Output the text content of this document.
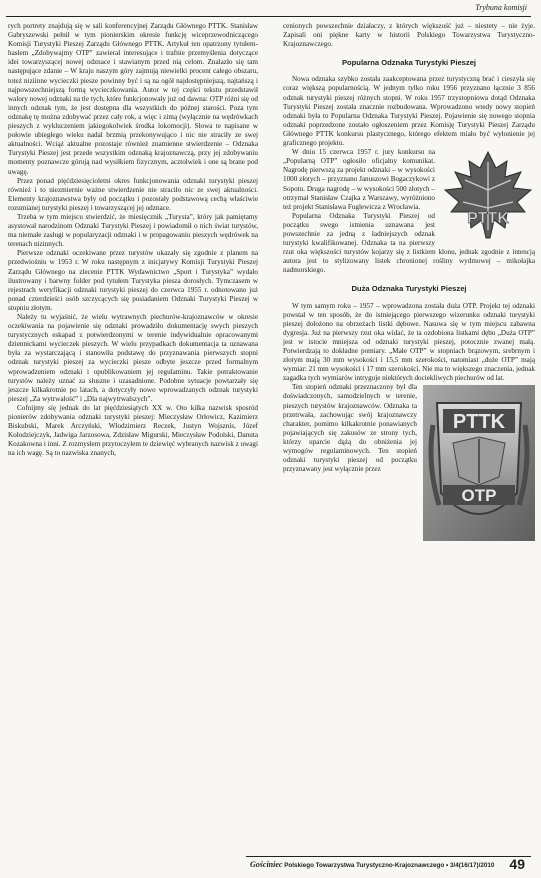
Trybuna komisji

rych portrety znajdują się w sali konferencyjnej Zarządu Głównego PTTK. Stanisław Gabryszewski pełnił w tym pionierskim okresie funkcję wiceprzewodniczącego Komisji Turystyki Pieszej Zarządu Głównego PTTK. Artykuł ten opatrzony tytułem-hasłem „Zdobywajmy OTP” zawierał interesujące i trafnie przemyślenia dotyczące idei towarzyszącej nowej odznace i stawianym przed nią celom. Znalazło się tam następujące zdanie – W kraju naszym góry zajmują niewielki procent całego obszaru, toteż niziinne wycieczki piesze powinny być i są na ogół najdostępniejszą, najtańszą i najpowszechniejszą formą wycieczkowania. Autor w tej części tekstu przedstawił walory nowej odznaki na tle tych, które funkcjonowały już od dawna: OTP różni się od innych odznak tym, że jest dostępna dla wszystkich do późnej starości. Poza tym odznakę tę można zdobywać przez cały rok, a więc i zimą (wyłącznie na wędrówkach pieszych z wykluczeniem jakiegokolwiek środka lokomocji). Słowa te napisane w połowie ubiegłego wieku nadal brzmią przekonywująco i nic nie straciły ze swej aktualności. Wciąż aktualne pozostaje również znamienne stwierdzenie – Odznaka Turystyki Pieszej jest przede wszystkim odznaką krajoznawczą, przy jej zdobywaniu momenty poznawcze górują nad wysiłkiem fizycznym, acztolwiek i one są brane pod uwagę.

Przez ponad pięćdziesięcioletni okres funkcjonowania odznaki turystyki pieszej również i to niezmiernie ważne stwierdzenie nie straciło nic ze swej aktualności. Elementy krajoznawstwa były od początku i pozostały podstawową cechą właściwie rozumianej turystyki pieszej i towarzyszącej jej odznace.

Trzeba w tym miejscu stwierdzić, że miesięcznik „Turysta”, który jak pamiętamy asystował narodzinom Odznaki Turystyki Pieszej i powiadomił o nich świat turystów, ma niemałe zasługi w popularyzacji odznaki i w propagowaniu pieszych wędrówek na terenach nizinnych.

Pierwsze odznaki oczekiwane przez turystów ukazały się zgodnie z planem na przedwiośniu w 1953 r. W roku następnym z inicjatywy Komisji Turystyki Pieszej Zarządu Głównego na zlecenie PTTK Wydawnictwo „Sport i Turystyka” wydało ilustrowany i barwny folder pod tytułem Turystyka piesza dorosłych. Tymczasem w rejestrach weryfikacji odznaki turystyki pieszej do czerwca 1955 r. odnotowano już ponad czterdzieści osób szczycących się posiadaniem Odznaki Turystyki Pieszej w stopniu złotym.

Należy tu wyjaśnić, że wielu wytrawnych piechurów-krajoznawców w okresie oczekiwania na pojawienie się odznaki prowadziło dokumentację swych pieszych turystycznych eskapad z potwierdzonymi w terenie indywidualnie opracowanymi dziennickami wycieczek pieszych. W wielu przypadkach dokumentacja ta uznawana była za wystarczającą i stanowiła podstawę do przyznawania pierwszych stopni odznak turystyki pieszej za wycieczki piesze odbyte jeszcze przed formalnym wprowadzeniem odznaki i opublikowaniem jej regulaminu. Takie potraktowanie turystów należy uznać za słuszne i uzasadnione. Podobne sytuacje powtarzały się jeszcze kilkakrotnie po latach, a dotyczyły nowo wprowadzanych odznak turystyki pieszej „Za wytrwałość” i „Dla najwytrwalszych”.

Cofnijmy się jednak do lat pięćdziesiątych XX w. Oto kilka nazwisk sposród pionierów zdobywania odznaki turystyki pieszej: Mieczysław Orłowicz, Kazimierz Biskubski, Marek Arczyński, Włodzimierz Reczek, Justyn Wojsznis, Józef Kołodziejczyk, Jadwiga Jarzosowa, Zdzisław Migurski, Mieczysław Podolski, Danuta Kozakowna i inni. Z rozmysłem przytoczyłem te dziewięć wybranych nazwisk z uwagi na ich wagę. Są to nazwiska znanych,

cenionych powszechnie działaczy, z których większość już – niestety – nie żyje. Zapisali oni piękne karty w historii Polskiego Towarzystwa Turystyczno-Krajoznawczego.

Popularna Odznaka Turystyki Pieszej

Nowa odznaka szybko została zaakceptowana przez turystyczną brać i cieszyła się coraz większą popularnością. W jednym tylko roku 1956 przyznano łącznie 3 856 odznak turystyki pieszej różnych stopni. W roku 1957 trzystopniowa dotąd Odznaka Turystyki Pieszej została znacznie rozbudowana. Wprowadzono wtedy nowy stopień odznaki była to Popularna Odznaka Turystyki Pieszej. Pojawienie się nowego stopnia odznaki poprzedzone zostało ogłoszeniem przez Komisję Turystyki Pieszej Zarządu Głównego PTTK konkursu plastycznego, którego efektem miało być wyłonienie jej graficznego projektu.

PTTK

W dniu 15 czerwca 1957 r. jury konkursu na „Popularną OTP” ogłosiło oficjalny komunikat. Nagrodę pierwszą za projekt odznaki – w wysokości 1000 złotych – przyznano Januszowi Bogaczykowi z Sopotu. Druga nagrodę – w wysokości 500 złotych – otrzymał Stanisław Czajka z Warszawy, wyróżniono też projekt Stanisława Fuglewicza z Wrocławia.

Popularna Odznaka Turystyki Pieszej od początku swego istnienia uznawana jest powszechnie za jedną z ładniejszych odznak turystyki kwalifikowanej. Odznaka ta na pierwszy rzut oka większości turystów kojarzy się z listkiem klonu, jednak zgodnie z intencją autora jest to stylizowany listek chronionej rośliny wydmowej – mikołajka nadmorskiego.

Duża Odznaka Turystyki Pieszej

W tym samym roku – 1957 – wprowadzona została duża OTP. Projekt tej odznaki powstał w ten sposób, że do istniejącego pierwszego wizerunku odznaki turystyki pieszej dołożono na obrzeżach listki dębowe. Nasuwa się w tym miejscu zabawna dygresja. Już na pierwszy rzut oka widać, że ta ozdobiona listkami dębu „Duża OTP” jest w istocie mniejsza od odznaki turystyki pieszej, potocznie zwanej małą. Potwierdzają to dokładne pomiary. „Małe OTP” w stopniach brązowym, srebrnym i złotym mają 30 mm wysokości i 15,5 mm szerokości, natomiast „duże OTP” mają wymiar: 21 mm wysokości i 17 mm szerokości. Nie ma to większego znaczenia, jednak zagadka tych wymiarów intryguje niektórych dociekliwych piechurów od lat.

PTTK
OTP

Ten stopień odznaki przeznaczony był dla doświadczonych, samodzielnych w terenie, pieszych turystów krajoznawców. Odznaka ta przetrwała, zachowując swój krajoznawczy charakter, pomimo kilkakrotnie ponawianych pojawiających się zakusów ze strony tych, którzy uparcie dążą do obniżenia jej wymogów regulaminowych. Ten stopień odznaki turystyki pieszej od początku przyznawany jest wyłącznie przez

Gościniec Polskiego Towarzystwa Turystyczno-Krajoznawczego • 3/4(16/17)/2010 49
